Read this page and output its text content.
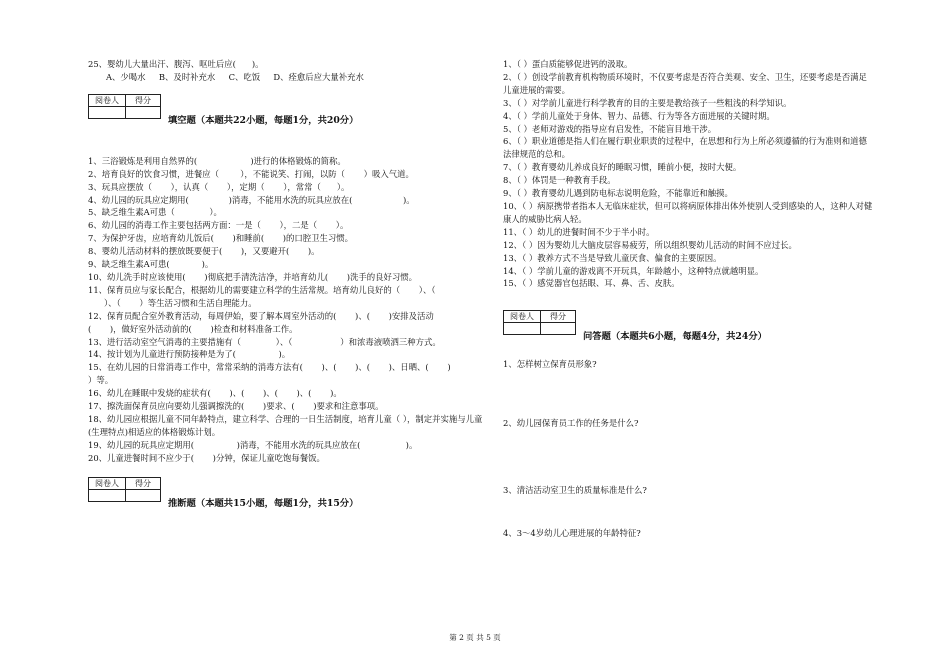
25、婴幼儿大量出汗、腹泻、呕吐后应(      )。
A、少喝水     B、及时补充水     C、吃饭     D、痊愈后应大量补充水
阅卷人	得分

填空题（本题共22小题，每题1分，共20分）
1、三浴锻炼是利用自然界的(                    )进行的体格锻炼的简称。
2、培育良好的饮食习惯，进餐应（        ），不能说笑、打闹，以防（       ）吸入气道。
3、玩具应摆放（       ），认真（       ），定期（       ），常常（      ）。
4、幼儿园的玩具应定期用(               )消毒，不能用水洗的玩具应放在(                   )。
5、缺乏维生素A可患（             ）。
6、幼儿园的消毒工作主要包括两方面：一是（       ），二是（       ）。
7、为保护牙齿，应培育幼儿饭后(       )和睡前(       )的口腔卫生习惯。
8、婴幼儿活动材料的摆放既要便于(       )，又要避开(       )。
9、缺乏维生素A可患(            )。
10、幼儿洗手时应该使用(       )彻底把手清洗洁净，并培育幼儿(       )洗手的良好习惯。
11、保育员应与家长配合，根据幼儿的需要建立科学的生活常规。培育幼儿良好的（       ）、（
）、（       ）等生活习惯和生活自理能力。
12、保育员配合室外教育活动，每周伊始，要了解本周室外活动的(       )、(       )安排及活动
(       )，做好室外活动前的(       )检查和材料准备工作。
13、进行活动室空气消毒的主要措施有（             ）、（                  ）和浓毒液喷洒三种方式。
14、按计划为儿童进行预防接种是为了(                )。
15、在幼儿园的日常消毒工作中，常常采纳的消毒方法有(       )、(       )、(       )、日晒、(       )
）等。
16、幼儿在睡眠中发烧的症状有(       )、(       )、(       )、(       )。
17、擦洗面保育员应向要幼儿强调擦洗的(       )要求、(       )要求和注意事项。
18、幼儿园应根据儿童不同年龄特点，建立科学、合理的一日生活制度，培育儿童（ ），制定并实施与儿童(生理特点)相适应的体格锻炼计划。
19、幼儿园的玩具应定期用(                )消毒，不能用水洗的玩具应放在(                 )。
20、儿童进餐时间不应少于(       )分钟，保证儿童吃饱每餐饭。
阅卷人	得分

推断题（本题共15小题，每题1分，共15分）
1、（ ）蛋白质能够促进钙的汲取。
2、（ ）创设学前教育机构物质环境时，不仅要考虑是否符合美观、安全、卫生，还要考虑是否满足儿童进展的需要。
3、（ ）对学前儿童进行科学教育的目的主要是教给孩子一些粗浅的科学知识。
4、（ ）学前儿童处于身体、智力、品德、行为等各方面进展的关键时期。
5、（ ）老师对游戏的指导应有启发性，不能盲目地干涉。
6、（ ）职业道德是指人们在履行职业职责的过程中，在思想和行为上所必须遵循的行为准则和道德法律规范的总和。
7、（ ）教育婴幼儿养成良好的睡眠习惯，睡前小便，按时大便。
8、（ ）体罚是一种教育手段。
9、（ ）教育婴幼儿遇到防电标志说明危险，不能靠近和触摸。
10、（ ）病原携带者指本人无临床症状，但可以将病原体排出体外使别人受到感染的人，这种人对健康人的威胁比病人轻。
11、（ ）幼儿的进餐时间不少于半小时。
12、（ ）因为婴幼儿大脑皮层容易疲劳，所以组织婴幼儿活动的时间不应过长。
13、（ ）教养方式不当是导致儿童厌食、偏食的主要原因。
14、（ ）学前儿童的游戏离不开玩具，年龄越小，这种特点就越明显。
15、（ ）感觉器官包括眼、耳、鼻、舌、皮肤。
阅卷人	得分

问答题（本题共6小题，每题4分，共24分）
1、怎样树立保育员形象?
2、幼儿园保育员工作的任务是什么?
3、清洁活动室卫生的质量标准是什么?
4、3～4岁幼儿心理进展的年龄特征?
第 2 页 共 5 页
